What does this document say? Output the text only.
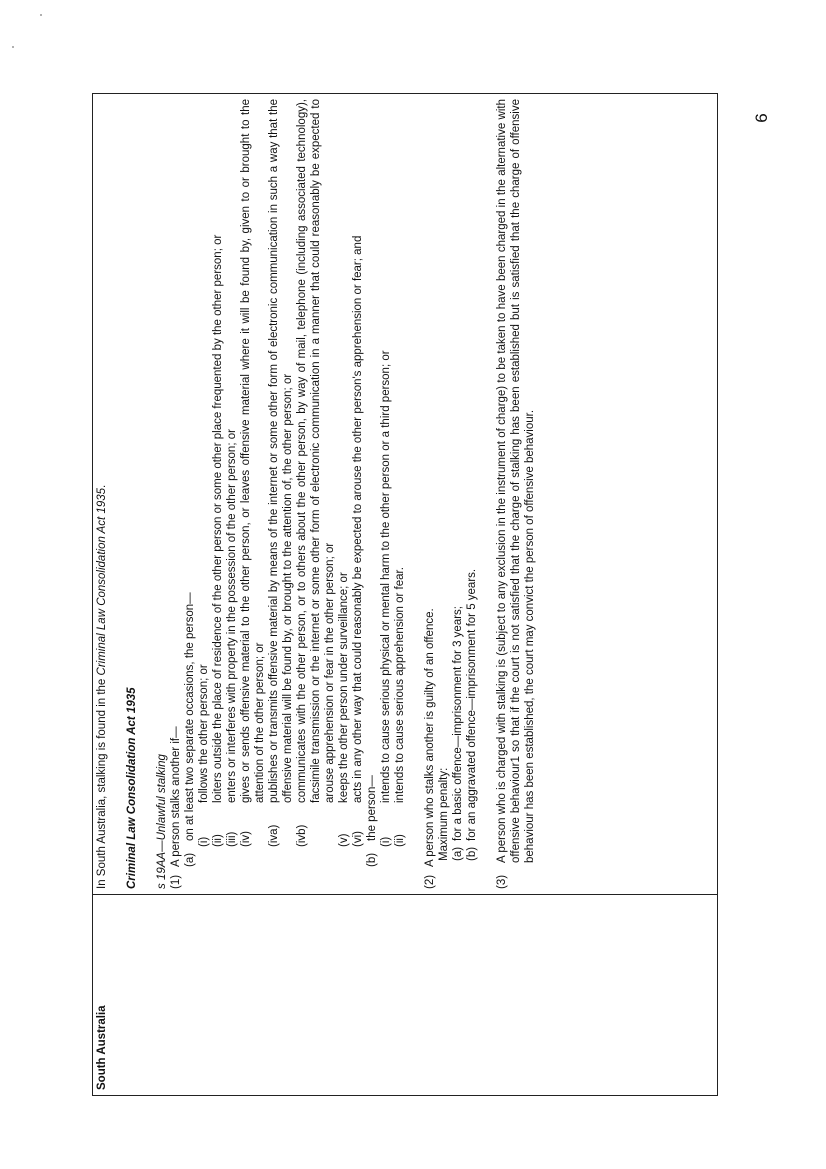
9
South Australia	

In South Australia, stalking is found in the Criminal Law Consolidation Act 1935.

Criminal Law Consolidation Act 1935 s 19AA—Unlawful stalking (1)
A person stalks another if— (a)
on at least two separate occasions, the person—
(i)
follows the other person; or
(ii)
loiters outside the place of residence of the other person or some other place frequented by the other person; or
(iii)
enters or interferes with property in the possession of the other person; or
(iv)
gives or sends offensive material to the other person, or leaves offensive material where it will be found by, given to or brought to the attention of the other person; or
(iva)
publishes or transmits offensive material by means of the internet or some other form of electronic communication in such a way that the offensive material will be found by, or brought to the attention of, the other person; or
(ivb)
communicates with the other person, or to others about the other person, by way of mail, telephone (including associated technology), facsimile transmission or the internet or some other form of electronic communication in a manner that could reasonably be expected to arouse apprehension or fear in the other person; or
(v)
keeps the other person under surveillance; or
(vi)
acts in any other way that could reasonably be expected to arouse the other person's apprehension or fear; and
(b)
the person—
(i)
intends to cause serious physical or mental harm to the other person or a third person; or
(ii)
intends to cause serious apprehension or fear.
(2)
A person who stalks another is guilty of an offence. Maximum penalty: (a)
for a basic offence—imprisonment for 3 years;
(b)
for an aggravated offence—imprisonment for 5 years.
(3)
A person who is charged with stalking is (subject to any exclusion in the instrument of charge) to be taken to have been charged in the alternative with offensive behaviour1 so that if the court is not satisfied that the charge of stalking has been established but is satisfied that the charge of offensive behaviour has been established, the court may convict the person of offensive behaviour.
